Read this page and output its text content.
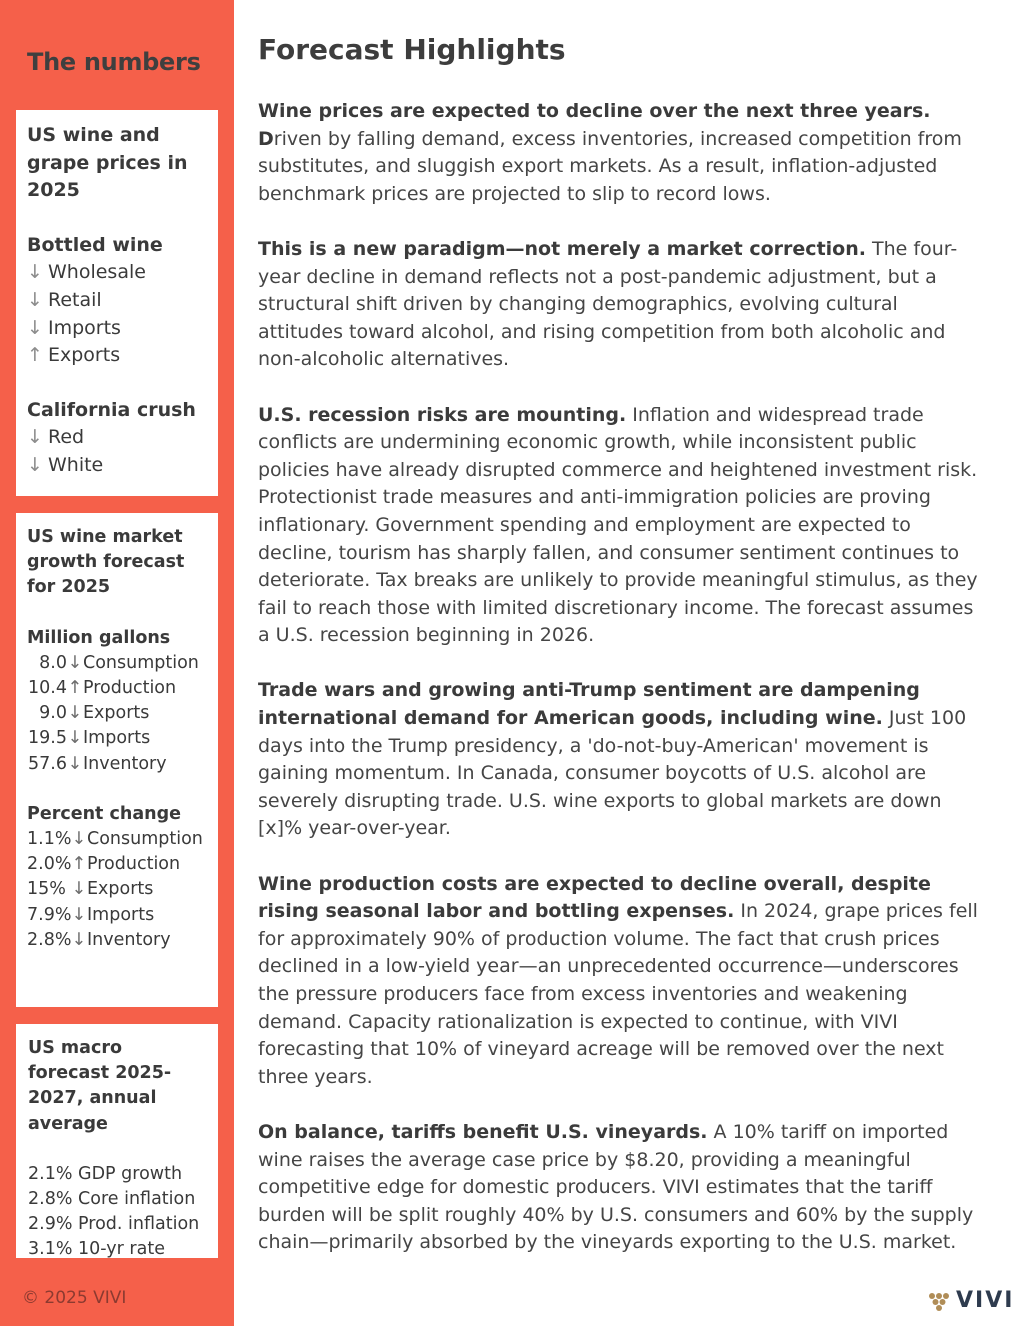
The numbers
US wine and grape prices in 2025
Bottled wine
↓ Wholesale
↓ Retail
↓ Imports
↑ Exports
California crush
↓ Red
↓ White
US wine market growth forecast for 2025
Million gallons
8.0↓Consumption
10.4↑Production
9.0↓Exports
19.5↓Imports
57.6↓Inventory
Percent change
1.1%↓Consumption
2.0%↑Production
15% ↓Exports
7.9%↓Imports
2.8%↓Inventory
US macro forecast 2025-2027, annual average
2.1% GDP growth
2.8% Core inflation
2.9% Prod. inflation
3.1% 10-yr rate
© 2025 VIVI
Forecast Highlights

Wine prices are expected to decline over the next three years. Driven by falling demand, excess inventories, increased competition from substitutes, and sluggish export markets. As a result, inflation-adjusted benchmark prices are projected to slip to record lows.

This is a new paradigm—not merely a market correction. The four-year decline in demand reflects not a post-pandemic adjustment, but a structural shift driven by changing demographics, evolving cultural attitudes toward alcohol, and rising competition from both alcoholic and non-alcoholic alternatives.

U.S. recession risks are mounting. Inflation and widespread trade conflicts are undermining economic growth, while inconsistent public policies have already disrupted commerce and heightened investment risk. Protectionist trade measures and anti-immigration policies are proving inflationary. Government spending and employment are expected to decline, tourism has sharply fallen, and consumer sentiment continues to deteriorate. Tax breaks are unlikely to provide meaningful stimulus, as they fail to reach those with limited discretionary income. The forecast assumes a U.S. recession beginning in 2026.

Trade wars and growing anti-Trump sentiment are dampening international demand for American goods, including wine. Just 100 days into the Trump presidency, a 'do-not-buy-American' movement is gaining momentum. In Canada, consumer boycotts of U.S. alcohol are severely disrupting trade. U.S. wine exports to global markets are down [x]% year-over-year.

Wine production costs are expected to decline overall, despite rising seasonal labor and bottling expenses. In 2024, grape prices fell for approximately 90% of production volume. The fact that crush prices declined in a low-yield year—an unprecedented occurrence—underscores the pressure producers face from excess inventories and weakening demand. Capacity rationalization is expected to continue, with VIVI forecasting that 10% of vineyard acreage will be removed over the next three years.

On balance, tariffs benefit U.S. vineyards. A 10% tariff on imported wine raises the average case price by $8.20, providing a meaningful competitive edge for domestic producers. VIVI estimates that the tariff burden will be split roughly 40% by U.S. consumers and 60% by the supply chain—primarily absorbed by the vineyards exporting to the U.S. market.

VIVI
